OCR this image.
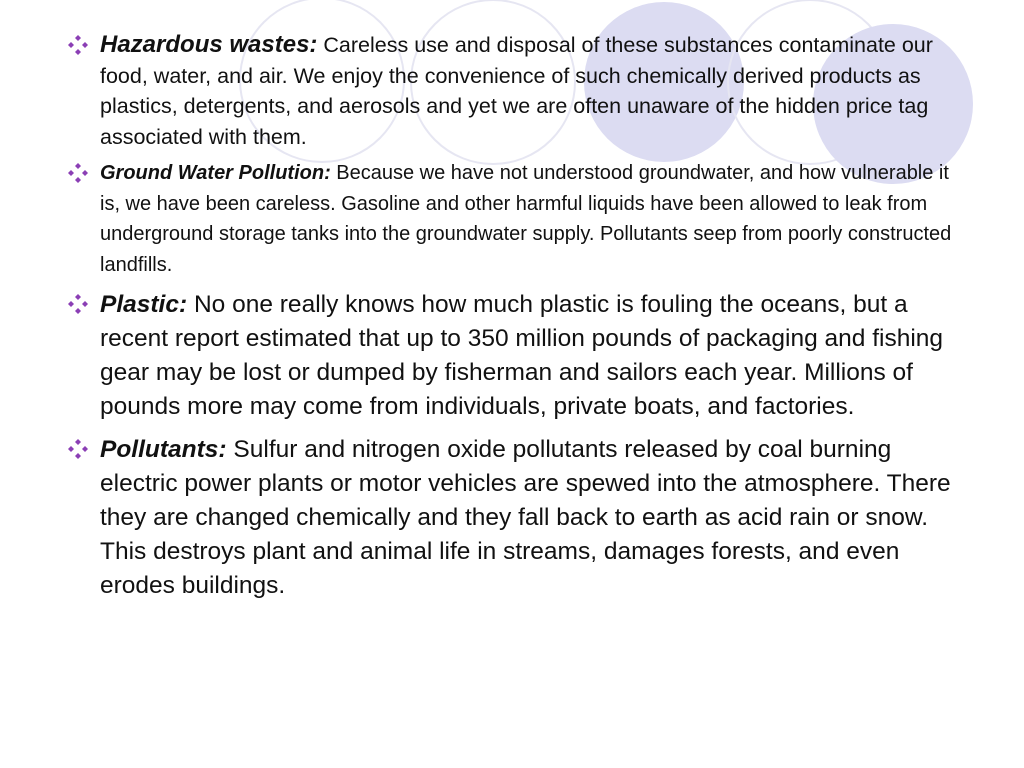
Hazardous wastes: Careless use and disposal of these substances contaminate our food, water, and air. We enjoy the convenience of such chemically derived products as plastics, detergents, and aerosols and yet we are often unaware of the hidden price tag associated with them.
Ground Water Pollution: Because we have not understood groundwater, and how vulnerable it is, we have been careless. Gasoline and other harmful liquids have been allowed to leak from underground storage tanks into the groundwater supply. Pollutants seep from poorly constructed landfills.
Plastic: No one really knows how much plastic is fouling the oceans, but a recent report estimated that up to 350 million pounds of packaging and fishing gear may be lost or dumped by fisherman and sailors each year. Millions of pounds more may come from individuals, private boats, and factories.
Pollutants: Sulfur and nitrogen oxide pollutants released by coal burning electric power plants or motor vehicles are spewed into the atmosphere. There they are changed chemically and they fall back to earth as acid rain or snow. This destroys plant and animal life in streams, damages forests, and even erodes buildings.
